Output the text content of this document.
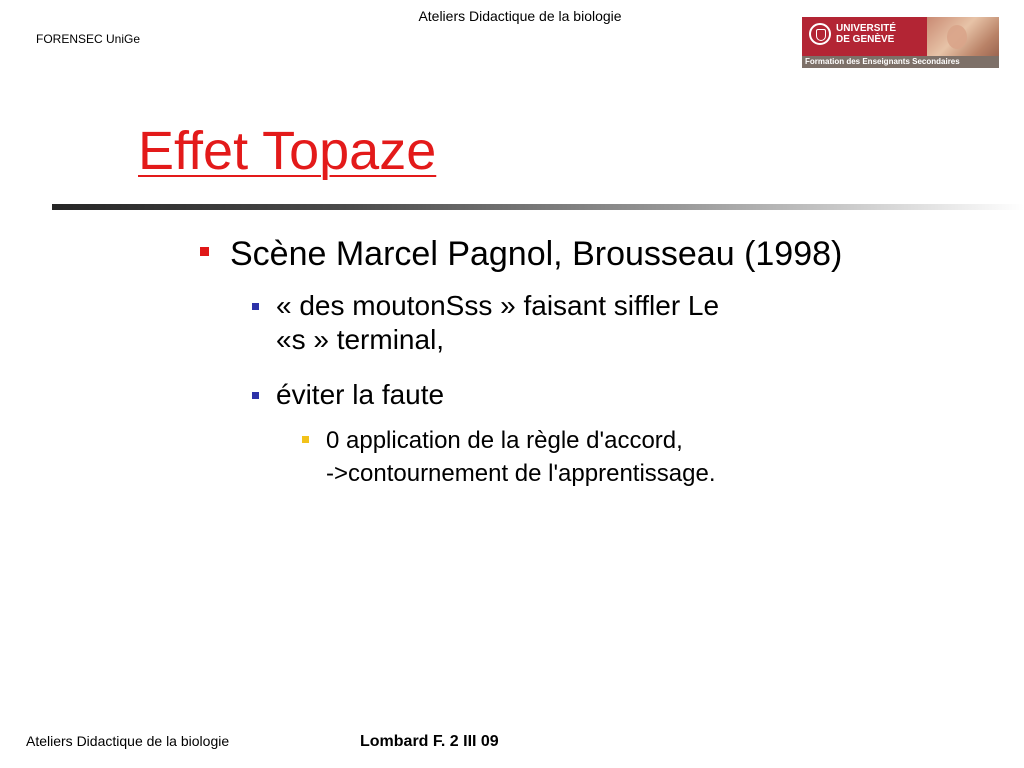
Ateliers Didactique de la biologie
FORENSEC UniGe
UNIVERSITÉ
DE GENÈVE
Formation des Enseignants Secondaires
Effet Topaze
Scène Marcel Pagnol, Brousseau (1998)
« des moutonSss » faisant siffler Le
«s » terminal,
éviter la faute
0 application de la règle d'accord,
->contournement de l'apprentissage.
Ateliers Didactique de la biologie	Lombard F. 2 III 09
